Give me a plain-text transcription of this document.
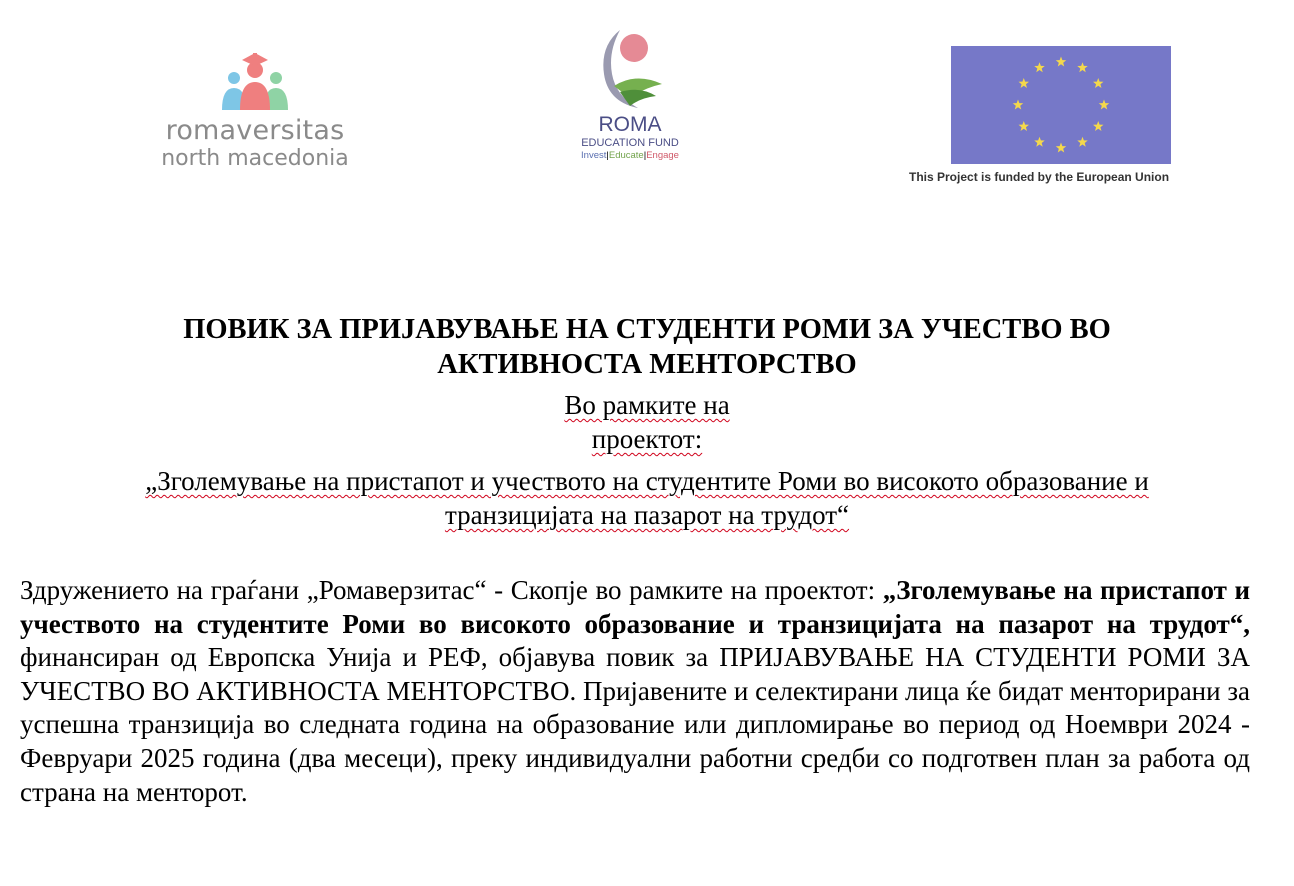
romaversitas
north macedonia
ROMA
EDUCATION FUND
Invest|Educate|Engage
This Project is funded by the European Union
ПОВИК ЗА ПРИЈАВУВАЊЕ НА СТУДЕНТИ РОМИ ЗА УЧЕСТВО ВО
АКТИВНОСТА МЕНТОРСТВО
Во рамките на
проектот:
„Зголемување на пристапот и учеството на студентите Роми во високото образование и
транзицијата на пазарот на трудот“
Здружението на граѓани „Ромаверзитас“ - Скопје во рамките на проектот: „Зголемување на пристапот и учеството на студентите Роми во високото образование и транзицијата на пазарот на трудот“, финансиран од Европска Унија и РЕФ, објавува повик за ПРИЈАВУВАЊЕ НА СТУДЕНТИ РОМИ ЗА УЧЕСТВО ВО АКТИВНОСТА МЕНТОРСТВО. Пријавените и селектирани лица ќе бидат менторирани за успешна транзиција во следната година на образование или дипломирање во период од Ноември 2024 - Февруари 2025 година (два месеци), преку индивидуални работни средби со подготвен план за работа од страна на менторот.
